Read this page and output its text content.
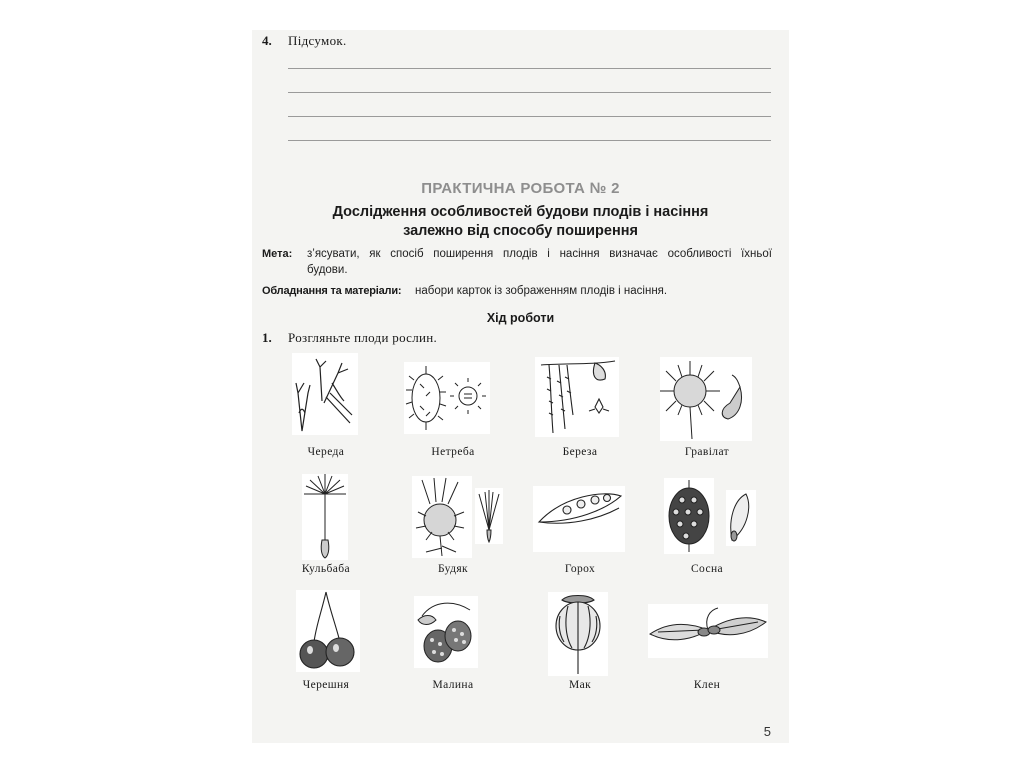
4. Підсумок.
ПРАКТИЧНА РОБОТА № 2
Дослідження особливостей будови плодів і насіння
залежно від способу поширення
Мета: з’ясувати, як спосіб поширення плодів і насіння визначає особливості їхньої
будови.
Обладнання та матеріали: набори карток із зображенням плодів і насіння.
Хід роботи
1. Розгляньте плоди рослин.
Череда	Нетреба	Береза	Гравілат
Кульбаба	Будяк	Горох	Сосна
Черешня	Малина	Мак	Клен
5
